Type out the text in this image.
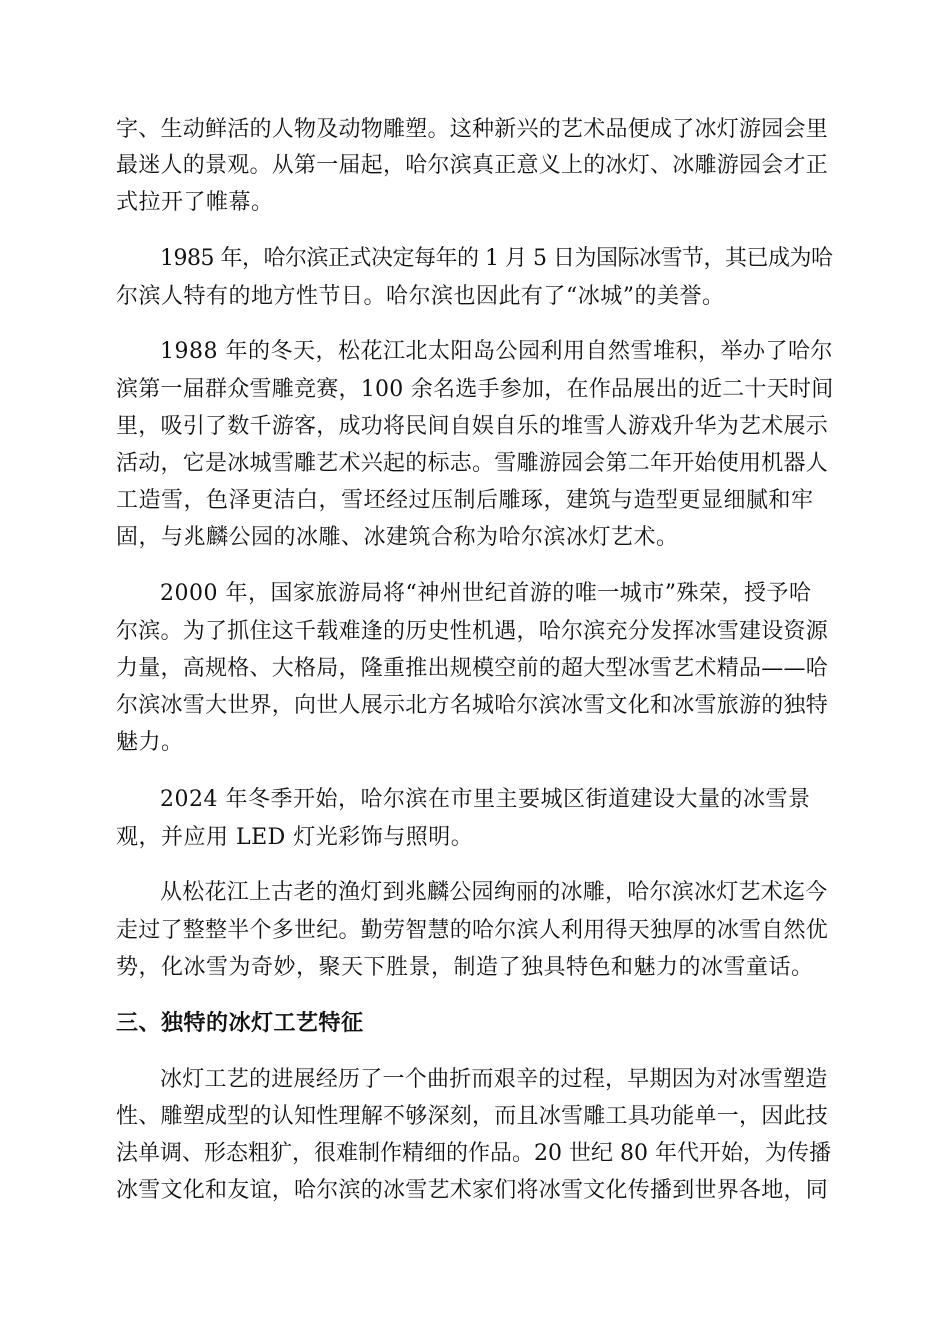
字、生动鲜活的人物及动物雕塑。这种新兴的艺术品便成了冰灯游园会里
最迷人的景观。从第一届起，哈尔滨真正意义上的冰灯、冰雕游园会才正
式拉开了帷幕。
1985 年，哈尔滨正式决定每年的 1 月 5 日为国际冰雪节，其已成为哈
尔滨人特有的地方性节日。哈尔滨也因此有了“冰城”的美誉。
1988 年的冬天，松花江北太阳岛公园利用自然雪堆积，举办了哈尔
滨第一届群众雪雕竞赛，100 余名选手参加，在作品展出的近二十天时间
里，吸引了数千游客，成功将民间自娱自乐的堆雪人游戏升华为艺术展示
活动，它是冰城雪雕艺术兴起的标志。雪雕游园会第二年开始使用机器人
工造雪，色泽更洁白，雪坯经过压制后雕琢，建筑与造型更显细腻和牢
固，与兆麟公园的冰雕、冰建筑合称为哈尔滨冰灯艺术。
2000 年，国家旅游局将“神州世纪首游的唯一城市”殊荣，授予哈
尔滨。为了抓住这千载难逢的历史性机遇，哈尔滨充分发挥冰雪建设资源
力量，高规格、大格局，隆重推出规模空前的超大型冰雪艺术精品——哈
尔滨冰雪大世界，向世人展示北方名城哈尔滨冰雪文化和冰雪旅游的独特
魅力。
2024 年冬季开始，哈尔滨在市里主要城区街道建设大量的冰雪景
观，并应用 LED 灯光彩饰与照明。
从松花江上古老的渔灯到兆麟公园绚丽的冰雕，哈尔滨冰灯艺术迄今
走过了整整半个多世纪。勤劳智慧的哈尔滨人利用得天独厚的冰雪自然优
势，化冰雪为奇妙，聚天下胜景，制造了独具特色和魅力的冰雪童话。
三、独特的冰灯工艺特征
冰灯工艺的进展经历了一个曲折而艰辛的过程，早期因为对冰雪塑造
性、雕塑成型的认知性理解不够深刻，而且冰雪雕工具功能单一，因此技
法单调、形态粗犷，很难制作精细的作品。20 世纪 80 年代开始，为传播
冰雪文化和友谊，哈尔滨的冰雪艺术家们将冰雪文化传播到世界各地，同
